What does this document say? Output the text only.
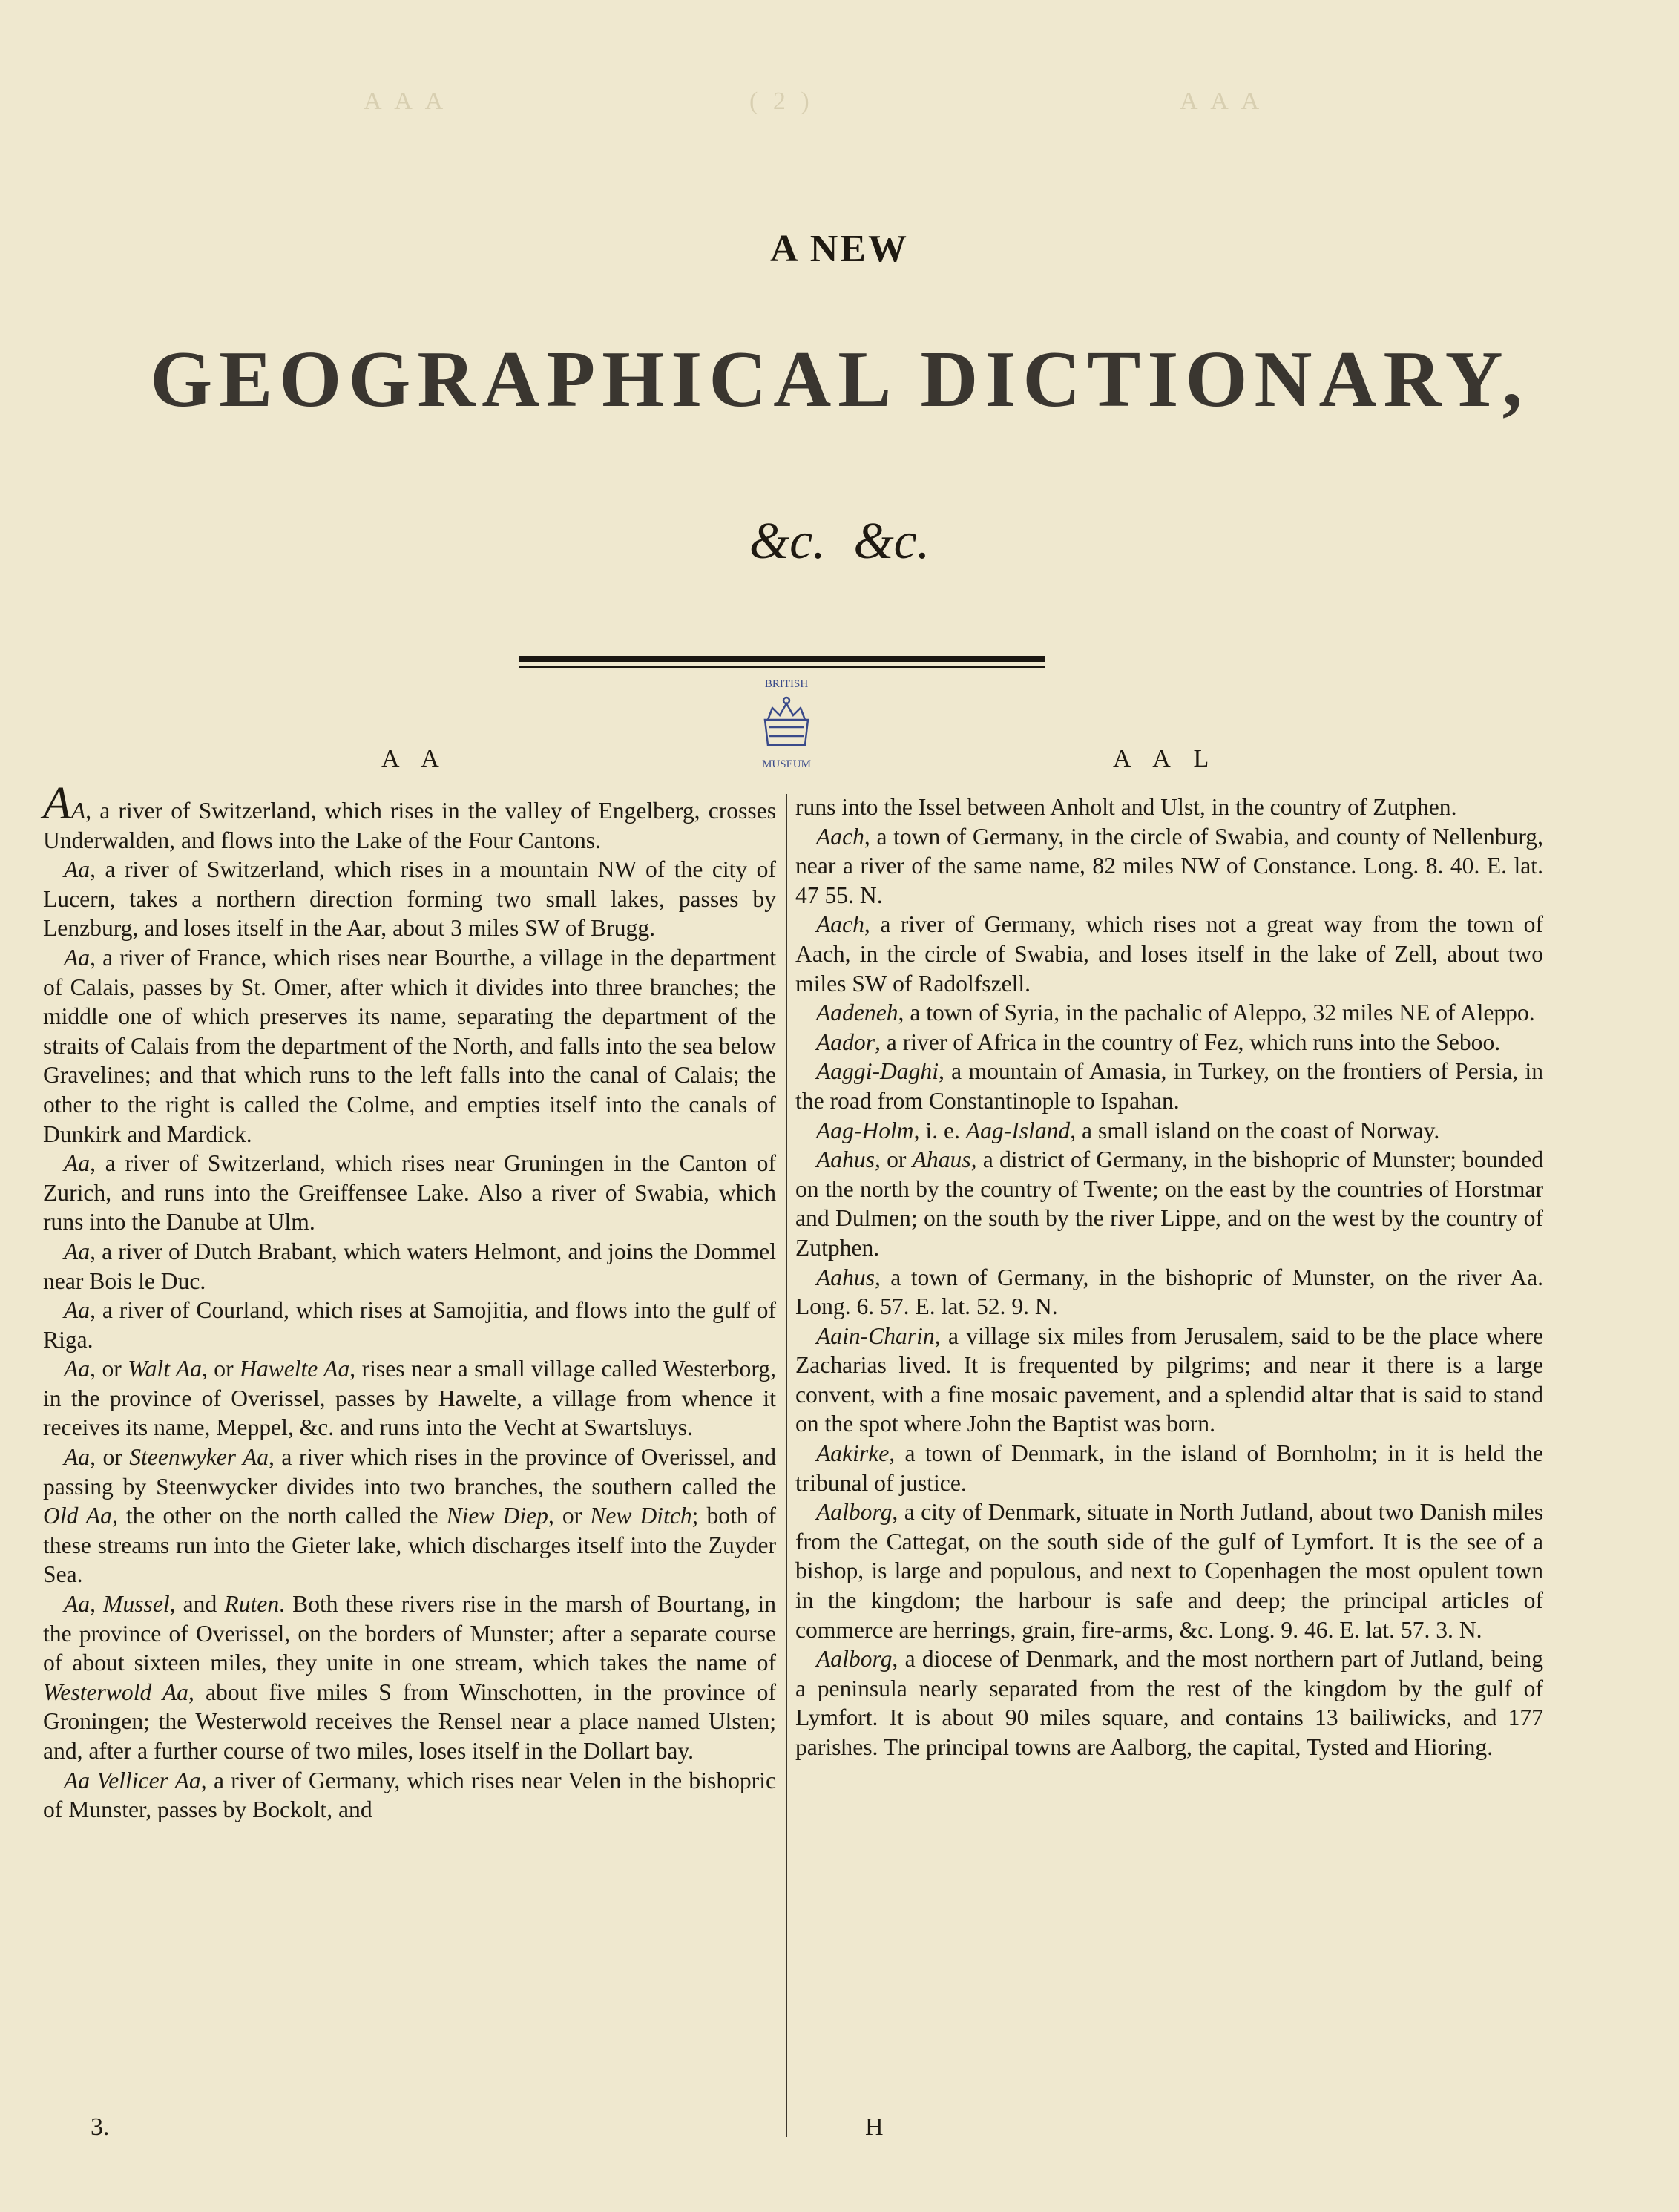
A A A	( 2 )	A A A
A NEW
GEOGRAPHICAL DICTIONARY,
&c. &c.
BRITISH
MUSEUM
A A	A A L

AA, a river of Switzerland, which rises in the valley of Engelberg, crosses Underwalden, and flows into the Lake of the Four Cantons.

Aa, a river of Switzerland, which rises in a mountain NW of the city of Lucern, takes a northern direction forming two small lakes, passes by Lenzburg, and loses itself in the Aar, about 3 miles SW of Brugg.

Aa, a river of France, which rises near Bourthe, a village in the department of Calais, passes by St. Omer, after which it divides into three branches; the middle one of which preserves its name, separating the department of the straits of Calais from the department of the North, and falls into the sea below Gravelines; and that which runs to the left falls into the canal of Calais; the other to the right is called the Colme, and empties itself into the canals of Dunkirk and Mardick.

Aa, a river of Switzerland, which rises near Gruningen in the Canton of Zurich, and runs into the Greiffensee Lake. Also a river of Swabia, which runs into the Danube at Ulm.

Aa, a river of Dutch Brabant, which waters Helmont, and joins the Dommel near Bois le Duc.

Aa, a river of Courland, which rises at Samojitia, and flows into the gulf of Riga.

Aa, or Walt Aa, or Hawelte Aa, rises near a small village called Westerborg, in the province of Overissel, passes by Hawelte, a village from whence it receives its name, Meppel, &c. and runs into the Vecht at Swartsluys.

Aa, or Steenwyker Aa, a river which rises in the province of Overissel, and passing by Steenwycker divides into two branches, the southern called the Old Aa, the other on the north called the Niew Diep, or New Ditch; both of these streams run into the Gieter lake, which discharges itself into the Zuyder Sea.

Aa, Mussel, and Ruten. Both these rivers rise in the marsh of Bourtang, in the province of Overissel, on the borders of Munster; after a separate course of about sixteen miles, they unite in one stream, which takes the name of Westerwold Aa, about five miles S from Winschotten, in the province of Groningen; the Westerwold receives the Rensel near a place named Ulsten; and, after a further course of two miles, loses itself in the Dollart bay.

Aa Vellicer Aa, a river of Germany, which rises near Velen in the bishopric of Munster, passes by Bockolt, and

runs into the Issel between Anholt and Ulst, in the country of Zutphen.

Aach, a town of Germany, in the circle of Swabia, and county of Nellenburg, near a river of the same name, 82 miles NW of Constance. Long. 8. 40. E. lat. 47 55. N.

Aach, a river of Germany, which rises not a great way from the town of Aach, in the circle of Swabia, and loses itself in the lake of Zell, about two miles SW of Radolfszell.

Aadeneh, a town of Syria, in the pachalic of Aleppo, 32 miles NE of Aleppo.

Aador, a river of Africa in the country of Fez, which runs into the Seboo.

Aaggi-Daghi, a mountain of Amasia, in Turkey, on the frontiers of Persia, in the road from Constantinople to Ispahan.

Aag-Holm, i. e. Aag-Island, a small island on the coast of Norway.

Aahus, or Ahaus, a district of Germany, in the bishopric of Munster; bounded on the north by the country of Twente; on the east by the countries of Horstmar and Dulmen; on the south by the river Lippe, and on the west by the country of Zutphen.

Aahus, a town of Germany, in the bishopric of Munster, on the river Aa. Long. 6. 57. E. lat. 52. 9. N.

Aain-Charin, a village six miles from Jerusalem, said to be the place where Zacharias lived. It is frequented by pilgrims; and near it there is a large convent, with a fine mosaic pavement, and a splendid altar that is said to stand on the spot where John the Baptist was born.

Aakirke, a town of Denmark, in the island of Bornholm; in it is held the tribunal of justice.

Aalborg, a city of Denmark, situate in North Jutland, about two Danish miles from the Cattegat, on the south side of the gulf of Lymfort. It is the see of a bishop, is large and populous, and next to Copenhagen the most opulent town in the kingdom; the harbour is safe and deep; the principal articles of commerce are herrings, grain, fire-arms, &c. Long. 9. 46. E. lat. 57. 3. N.

Aalborg, a diocese of Denmark, and the most northern part of Jutland, being a peninsula nearly separated from the rest of the kingdom by the gulf of Lymfort. It is about 90 miles square, and contains 13 bailiwicks, and 177 parishes. The principal towns are Aalborg, the capital, Tysted and Hioring.

3.	H
